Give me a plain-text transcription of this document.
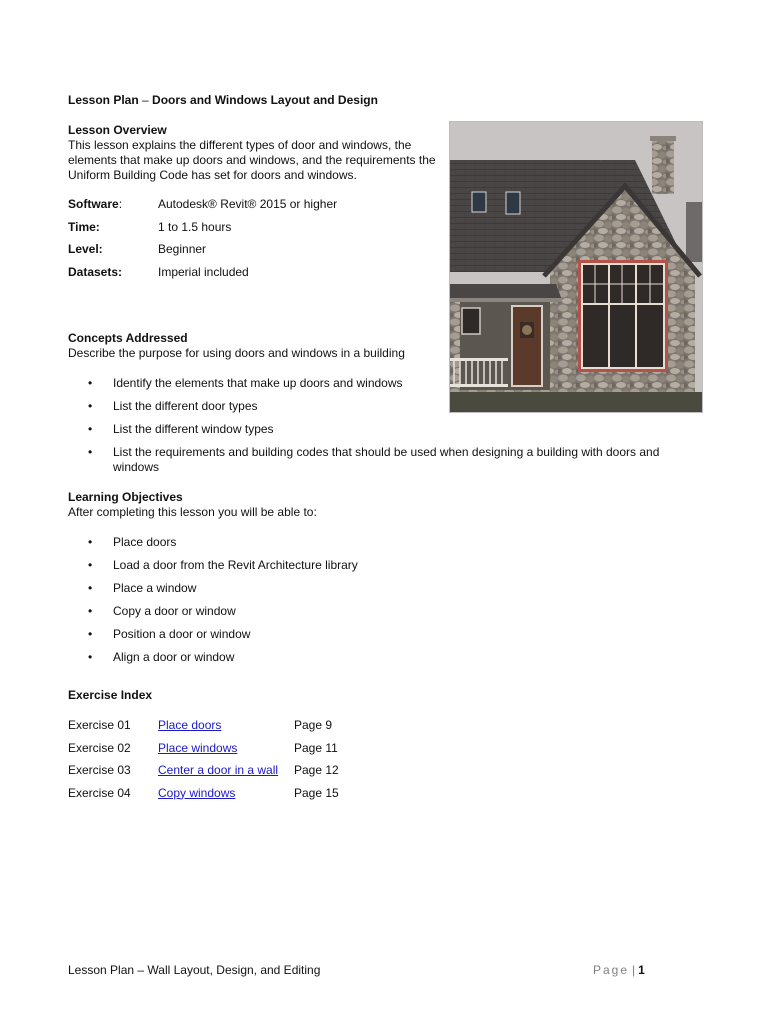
Lesson Plan – Doors and Windows Layout and Design
Lesson Overview
This lesson explains the different types of door and windows, the elements that make up doors and windows, and the requirements the Uniform Building Code has set for doors and windows.
Software:	Autodesk® Revit® 2015 or higher
Time:	1 to 1.5 hours
Level:	Beginner
Datasets:	Imperial included
Concepts Addressed
Describe the purpose for using doors and windows in a building
• Identify the elements that make up doors and windows
• List the different door types
• List the different window types
• List the requirements and building codes that should be used when designing a building with doors and windows
Learning Objectives
After completing this lesson you will be able to:
• Place doors
• Load a door from the Revit Architecture library
• Place a window
• Copy a door or window
• Position a door or window
• Align a door or window
Exercise Index
Exercise 01 Place doors	Page 9
Exercise 02 Place windows	Page 11
Exercise 03 Center a door in a wall Page 12
Exercise 04 Copy windows	Page 15
Lesson Plan – Wall Layout, Design, and Editing	Page | 1
